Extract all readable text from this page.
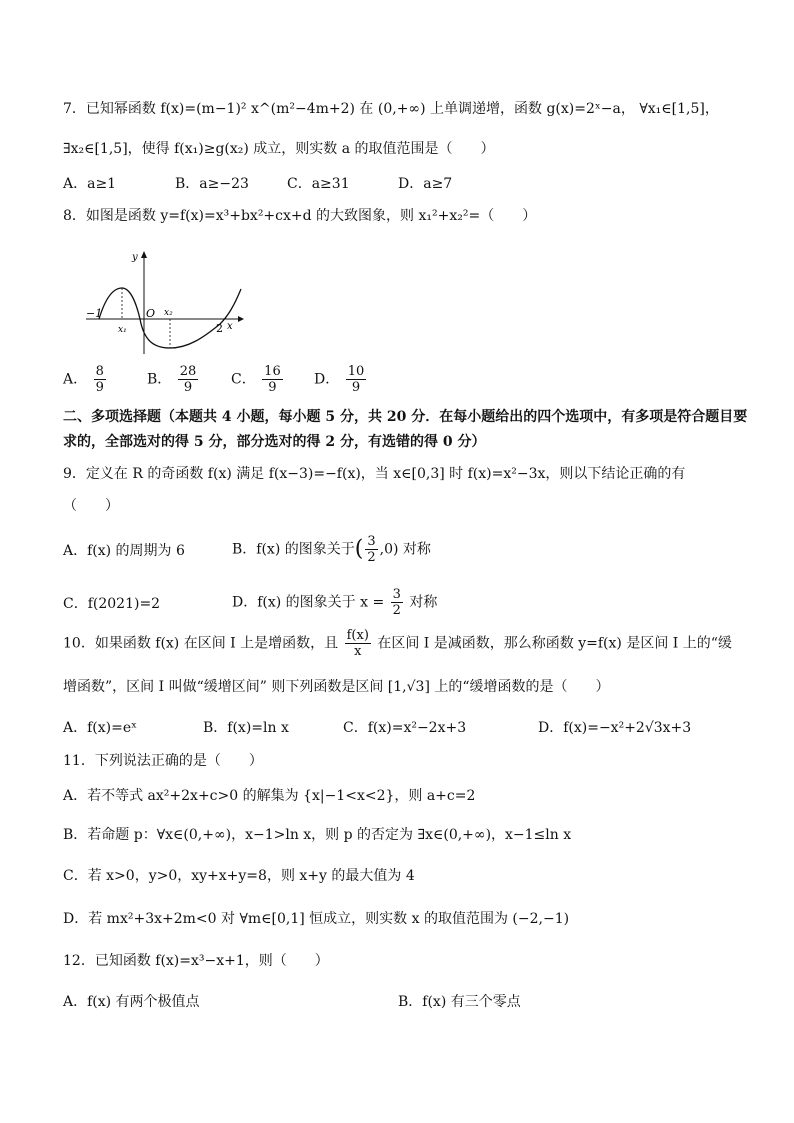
7．已知幂函数 f(x)=(m−1)² x^(m²−4m+2) 在 (0,+∞) 上单调递增，函数 g(x)=2ˣ−a， ∀x₁∈[1,5]，
∃x₂∈[1,5]，使得 f(x₁)≥g(x₂) 成立，则实数 a 的取值范围是（　　）
A．a≥1	B．a≥−23	C．a≥31	D．a≥7
8．如图是函数 y=f(x)=x³+bx²+cx+d 的大致图象，则 x₁²+x₂²=（　　）
−1
x₁
O x₂
2 x
y
A． $\frac{8}{9}$	B． $\frac{28}{9}$ C． $\frac{16}{9}$ D． $\frac{10}{9}$
二、多项选择题（本题共 4 小题，每小题 5 分，共 20 分．在每小题给出的四个选项中，有多项是符合题目要
求的，全部选对的得 5 分，部分选对的得 2 分，有选错的得 0 分）
9．定义在 R 的奇函数 f(x) 满足 f(x−3)=−f(x)，当 x∈[0,3] 时 f(x)=x²−3x，则以下结论正确的有
（　　）
A．f(x) 的周期为 6	B．f(x) 的图象关于( $\frac{3}{2} ,0$) 对称
C．f(2021)=2	D．f(x) 的图象关于 $x = \frac{3}{2}$ 对称
10．如果函数 f(x) 在区间 I 上是增函数，且 $\frac{f(x)}{x}$ 在区间 I 是减函数，那么称函数 y=f(x) 是区间 I 上的“缓
增函数”，区间 I 叫做“缓增区间” 则下列函数是区间 [1,√3] 上的“缓增函数的是（　　）
A．f(x)=eˣ	B．f(x)=ln x	C．f(x)=x²−2x+3	D．f(x)=−x²+2√3x+3
11．下列说法正确的是（　　）
A．若不等式 ax²+2x+c>0 的解集为 {x|−1<x<2}，则 a+c=2
B．若命题 p：∀x∈(0,+∞)，x−1>ln x，则 p 的否定为 ∃x∈(0,+∞)，x−1≤ln x
C．若 x>0，y>0，xy+x+y=8，则 x+y 的最大值为 4
D．若 mx²+3x+2m<0 对 ∀m∈[0,1] 恒成立，则实数 x 的取值范围为 (−2,−1)
12．已知函数 f(x)=x³−x+1，则（　　）
A．f(x) 有两个极值点	B．f(x) 有三个零点
